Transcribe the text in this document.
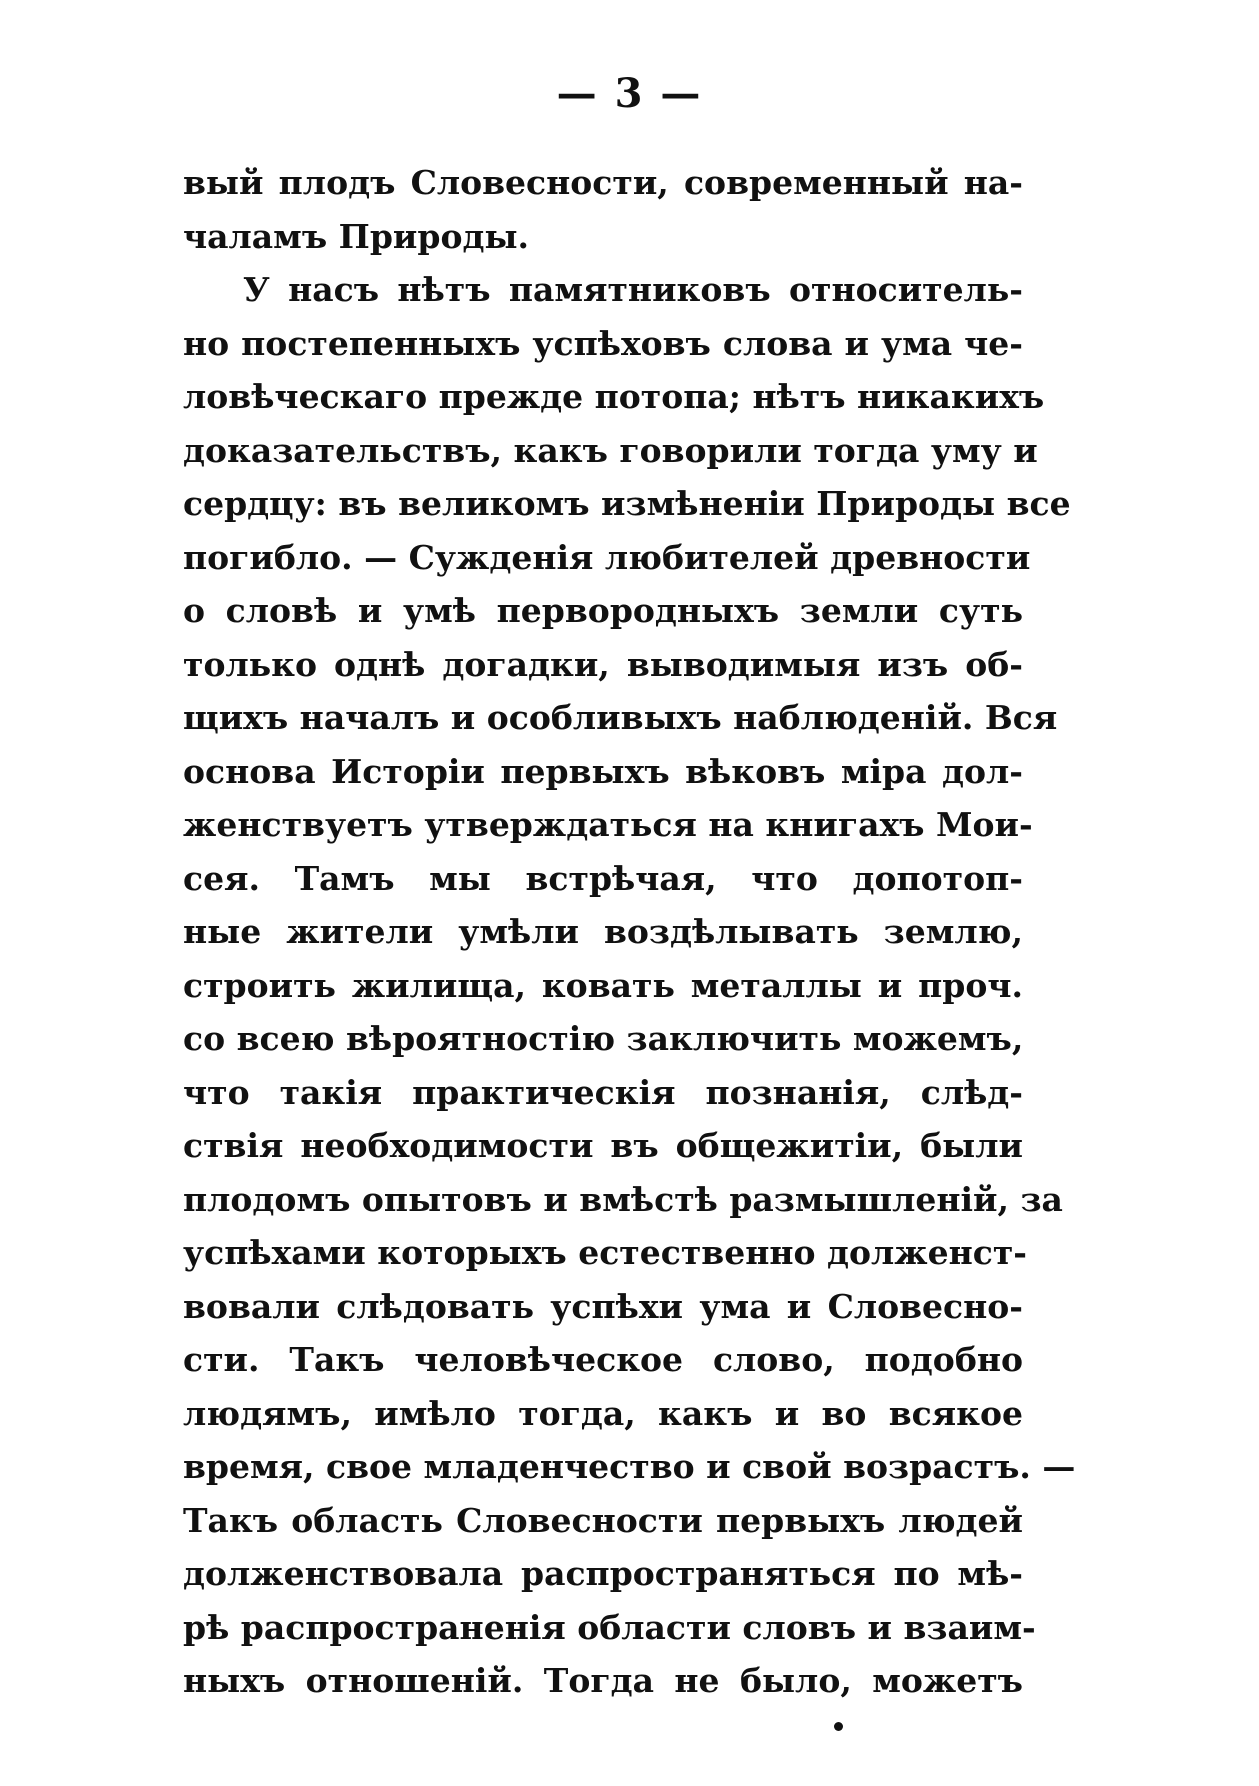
— 3 —
вый плодъ Словесности, современный на-
чаламъ Природы.
У насъ нѣтъ памятниковъ относитель-
но постепенныхъ успѣховъ слова и ума че-
ловѣческаго прежде потопа; нѣтъ никакихъ
доказательствъ, какъ говорили тогда уму и
сердцу: въ великомъ измѣненіи Природы все
погибло. — Сужденія любителей древности
о словѣ и умѣ первородныхъ земли суть
только однѣ догадки, выводимыя изъ об-
щихъ началъ и особливыхъ наблюденій. Вся
основа Исторіи первыхъ вѣковъ міра дол-
женствуетъ утверждаться на книгахъ Мои-
сея. Тамъ мы встрѣчая, что допотоп-
ные жители умѣли воздѣлывать землю,
строить жилища, ковать металлы и проч.
со всею вѣроятностію заключить можемъ,
что такія практическія познанія, слѣд-
ствія необходимости въ общежитіи, были
плодомъ опытовъ и вмѣстѣ размышленій, за
успѣхами которыхъ естественно долженст-
вовали слѣдовать успѣхи ума и Словесно-
сти. Такъ человѣческое слово, подобно
людямъ, имѣло тогда, какъ и во всякое
время, свое младенчество и свой возрастъ. —
Такъ область Словесности первыхъ людей
долженствовала распространяться по мѣ-
рѣ распространенія области словъ и взаим-
ныхъ отношеній. Тогда не было, можетъ
